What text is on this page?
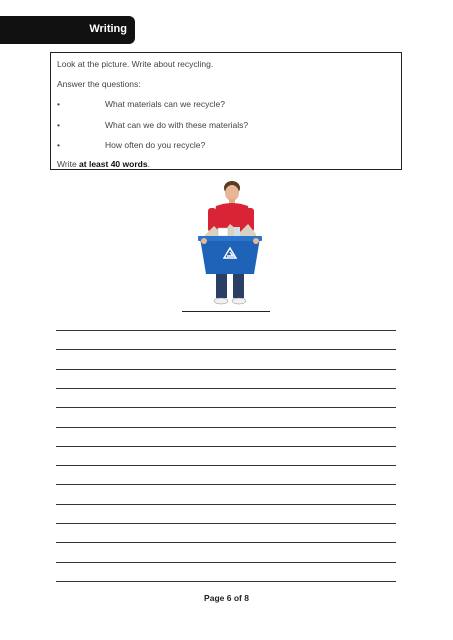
Writing
Look at the picture. Write about recycling.
Answer the questions:
•	What materials can we recycle?
•	What can we do with these materials?
•	How often do you recycle?
Write at least 40 words.
Page 6 of 8
